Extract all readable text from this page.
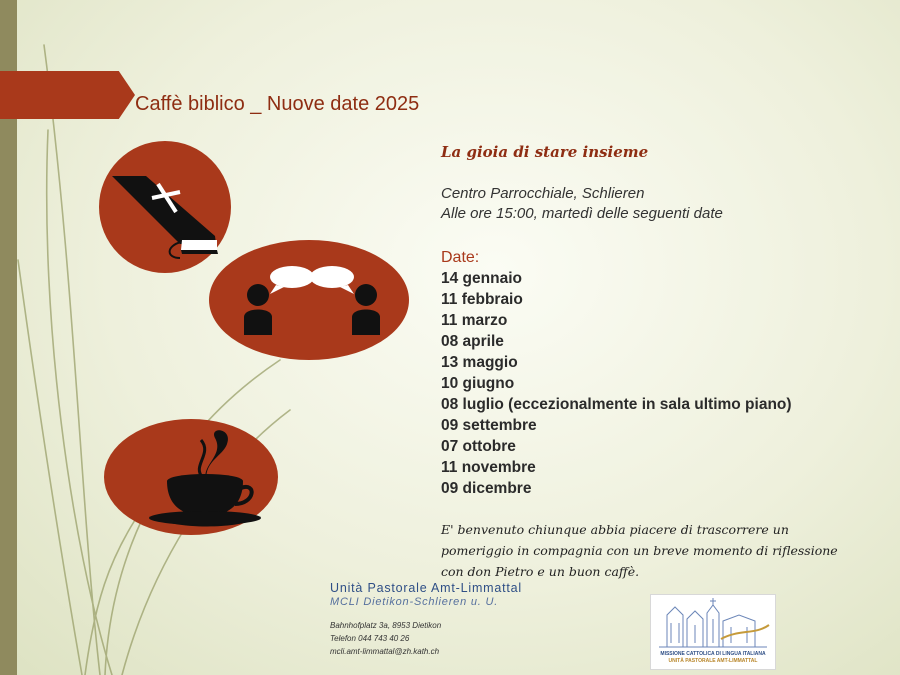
Caffè biblico _ Nuove date 2025
La gioia di stare insieme
Centro Parrocchiale, Schlieren
Alle ore 15:00, martedì delle seguenti date
Date:
14 gennaio
11 febbraio
11 marzo
08 aprile
13 maggio
10 giugno
08 luglio (eccezionalmente in sala ultimo piano)
09 settembre
07 ottobre
11 novembre
09 dicembre
E' benvenuto chiunque abbia piacere di trascorrere un
pomeriggio in compagnia con un breve momento di riflessione
con don Pietro e un buon caffè.
Unità Pastorale Amt-Limmattal
MCLI Dietikon-Schlieren u. U.
Bahnhofplatz 3a, 8953 Dietikon
Telefon 044 743 40 26
mcli.amt-limmattal@zh.kath.ch	MISSIONE CATTOLICA DI LINGUA ITALIANA
UNITÀ PASTORALE AMT-LIMMATTAL
